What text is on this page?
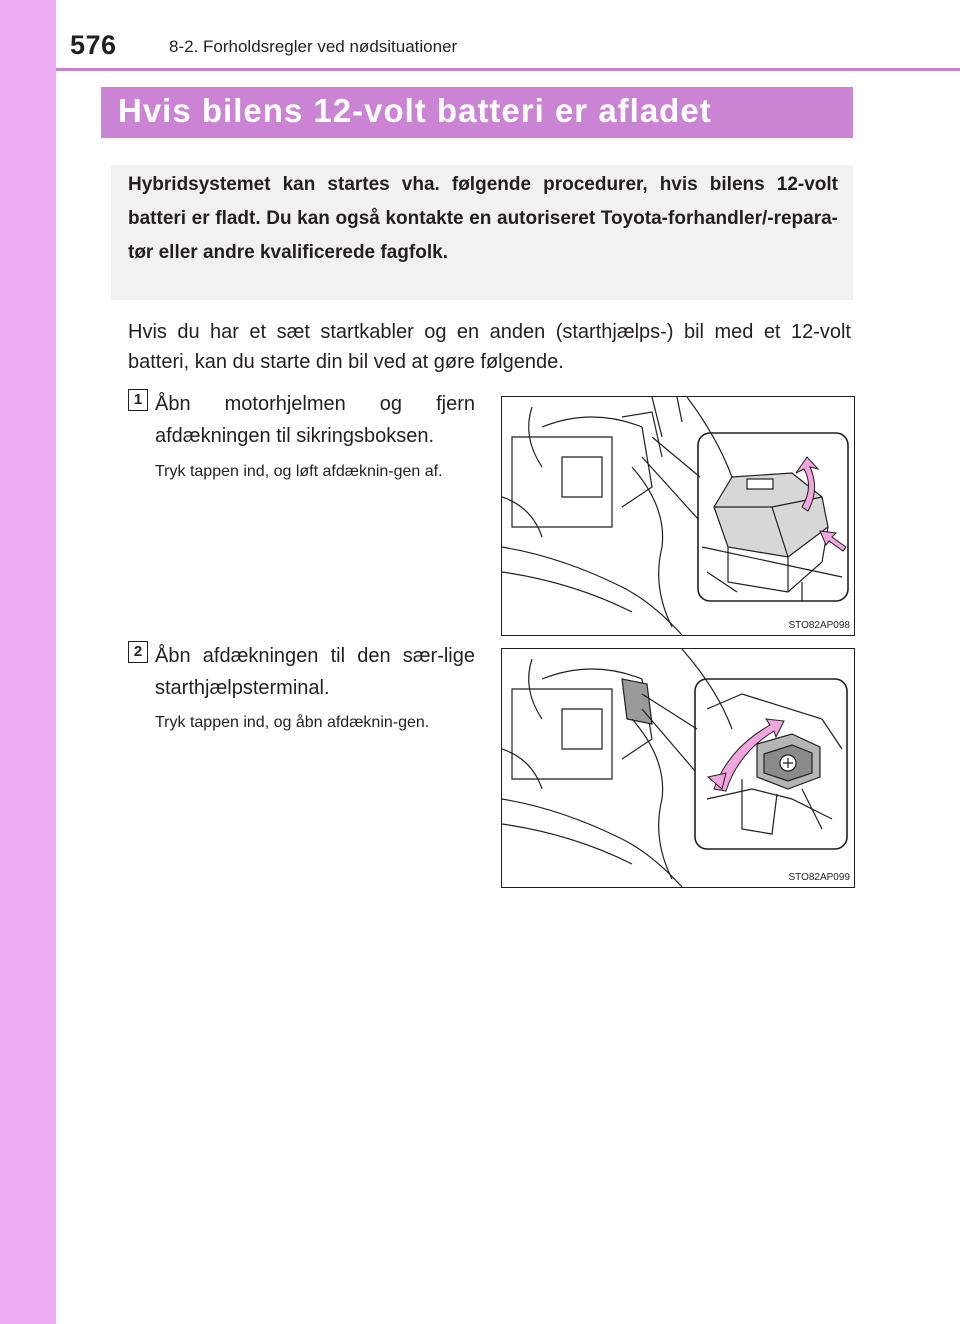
576	8-2. Forholdsregler ved nødsituationer
Hvis bilens 12-volt batteri er afladet
Hybridsystemet kan startes vha. følgende procedurer, hvis bilens 12-volt batteri er fladt. Du kan også kontakte en autoriseret Toyota-forhandler/-repara-tør eller andre kvalificerede fagfolk.
Hvis du har et sæt startkabler og en anden (starthjælps-) bil med et 12-volt batteri, kan du starte din bil ved at gøre følgende.
1 Åbn motorhjelmen og fjern afdækningen til sikringsboksen.
Tryk tappen ind, og løft afdæknin-gen af.
STO82AP098
2 Åbn afdækningen til den sær-lige starthjælpsterminal.
Tryk tappen ind, og åbn afdæknin-gen.
STO82AP099
